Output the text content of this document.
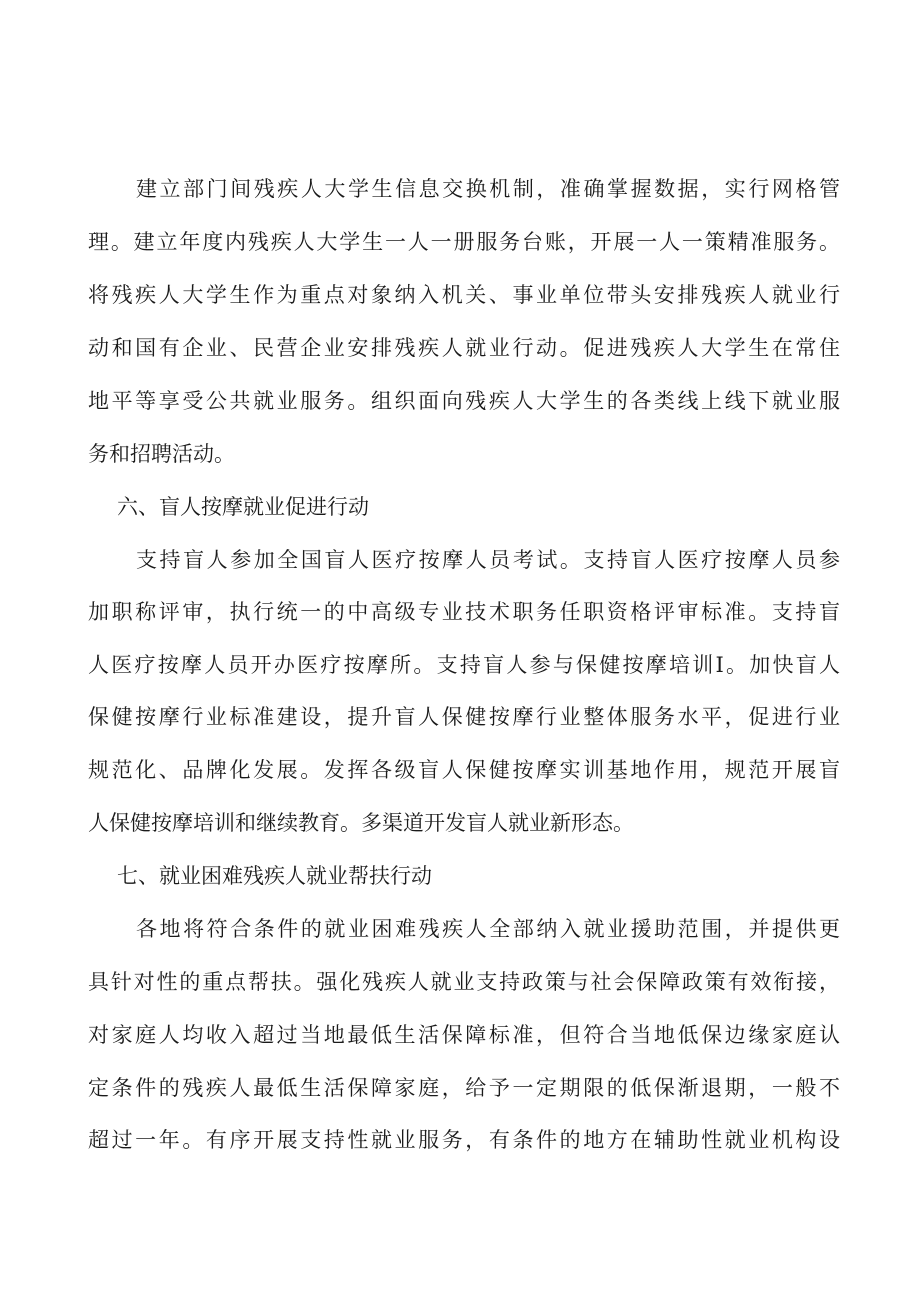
建立部门间残疾人大学生信息交换机制，准确掌握数据，实行网格管
理。建立年度内残疾人大学生一人一册服务台账，开展一人一策精准服务。
将残疾人大学生作为重点对象纳入机关、事业单位带头安排残疾人就业行
动和国有企业、民营企业安排残疾人就业行动。促进残疾人大学生在常住
地平等享受公共就业服务。组织面向残疾人大学生的各类线上线下就业服
务和招聘活动。
六、盲人按摩就业促进行动
支持盲人参加全国盲人医疗按摩人员考试。支持盲人医疗按摩人员参
加职称评审，执行统一的中高级专业技术职务任职资格评审标准。支持盲
人医疗按摩人员开办医疗按摩所。支持盲人参与保健按摩培训I。加快盲人
保健按摩行业标准建设，提升盲人保健按摩行业整体服务水平，促进行业
规范化、品牌化发展。发挥各级盲人保健按摩实训基地作用，规范开展盲
人保健按摩培训和继续教育。多渠道开发盲人就业新形态。
七、就业困难残疾人就业帮扶行动
各地将符合条件的就业困难残疾人全部纳入就业援助范围，并提供更
具针对性的重点帮扶。强化残疾人就业支持政策与社会保障政策有效衔接，
对家庭人均收入超过当地最低生活保障标准，但符合当地低保边缘家庭认
定条件的残疾人最低生活保障家庭，给予一定期限的低保渐退期，一般不
超过一年。有序开展支持性就业服务，有条件的地方在辅助性就业机构设
